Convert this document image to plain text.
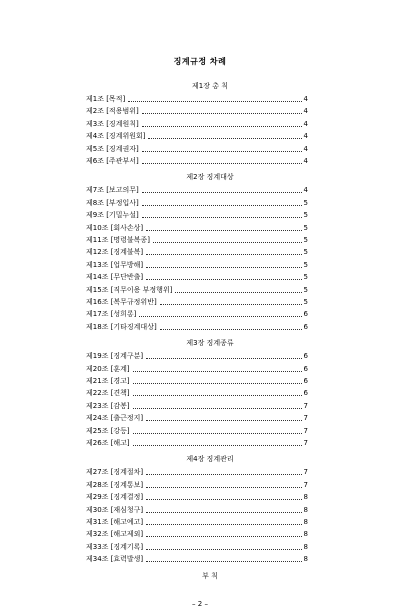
징계규정 차례
제1장 총 칙
제1조 [목적]	4
제2조 [적용범위]	4
제3조 [징계원칙]	4
제4조 [징계위원회]	4
제5조 [징계권자]	4
제6조 [주관부서]	4
제2장 징계대상
제7조 [보고의무]	4
제8조 [부정입사]	5
제9조 [기밀누설]	5
제10조 [회사손상]	5
제11조 [명령불복종]	5
제12조 [징계불복]	5
제13조 [업무방해]	5
제14조 [무단반출]	5
제15조 [직무이용 부정행위]	5
제16조 [복무규정위반]	5
제17조 [성희롱]	6
제18조 [기타징계대상]	6
제3장 징계종류
제19조 [징계구분]	6
제20조 [훈계]	6
제21조 [경고]	6
제22조 [견책]	6
제23조 [감봉]	7
제24조 [출근정지]	7
제25조 [강등]	7
제26조 [해고]	7
제4장 징계관리
제27조 [징계절차]	7
제28조 [징계통보]	7
제29조 [징계결정]	8
제30조 [재심청구]	8
제31조 [해고예고]	8
제32조 [해고제외]	8
제33조 [징계기록]	8
제34조 [효력발생]	8
부 칙
– 2 –
